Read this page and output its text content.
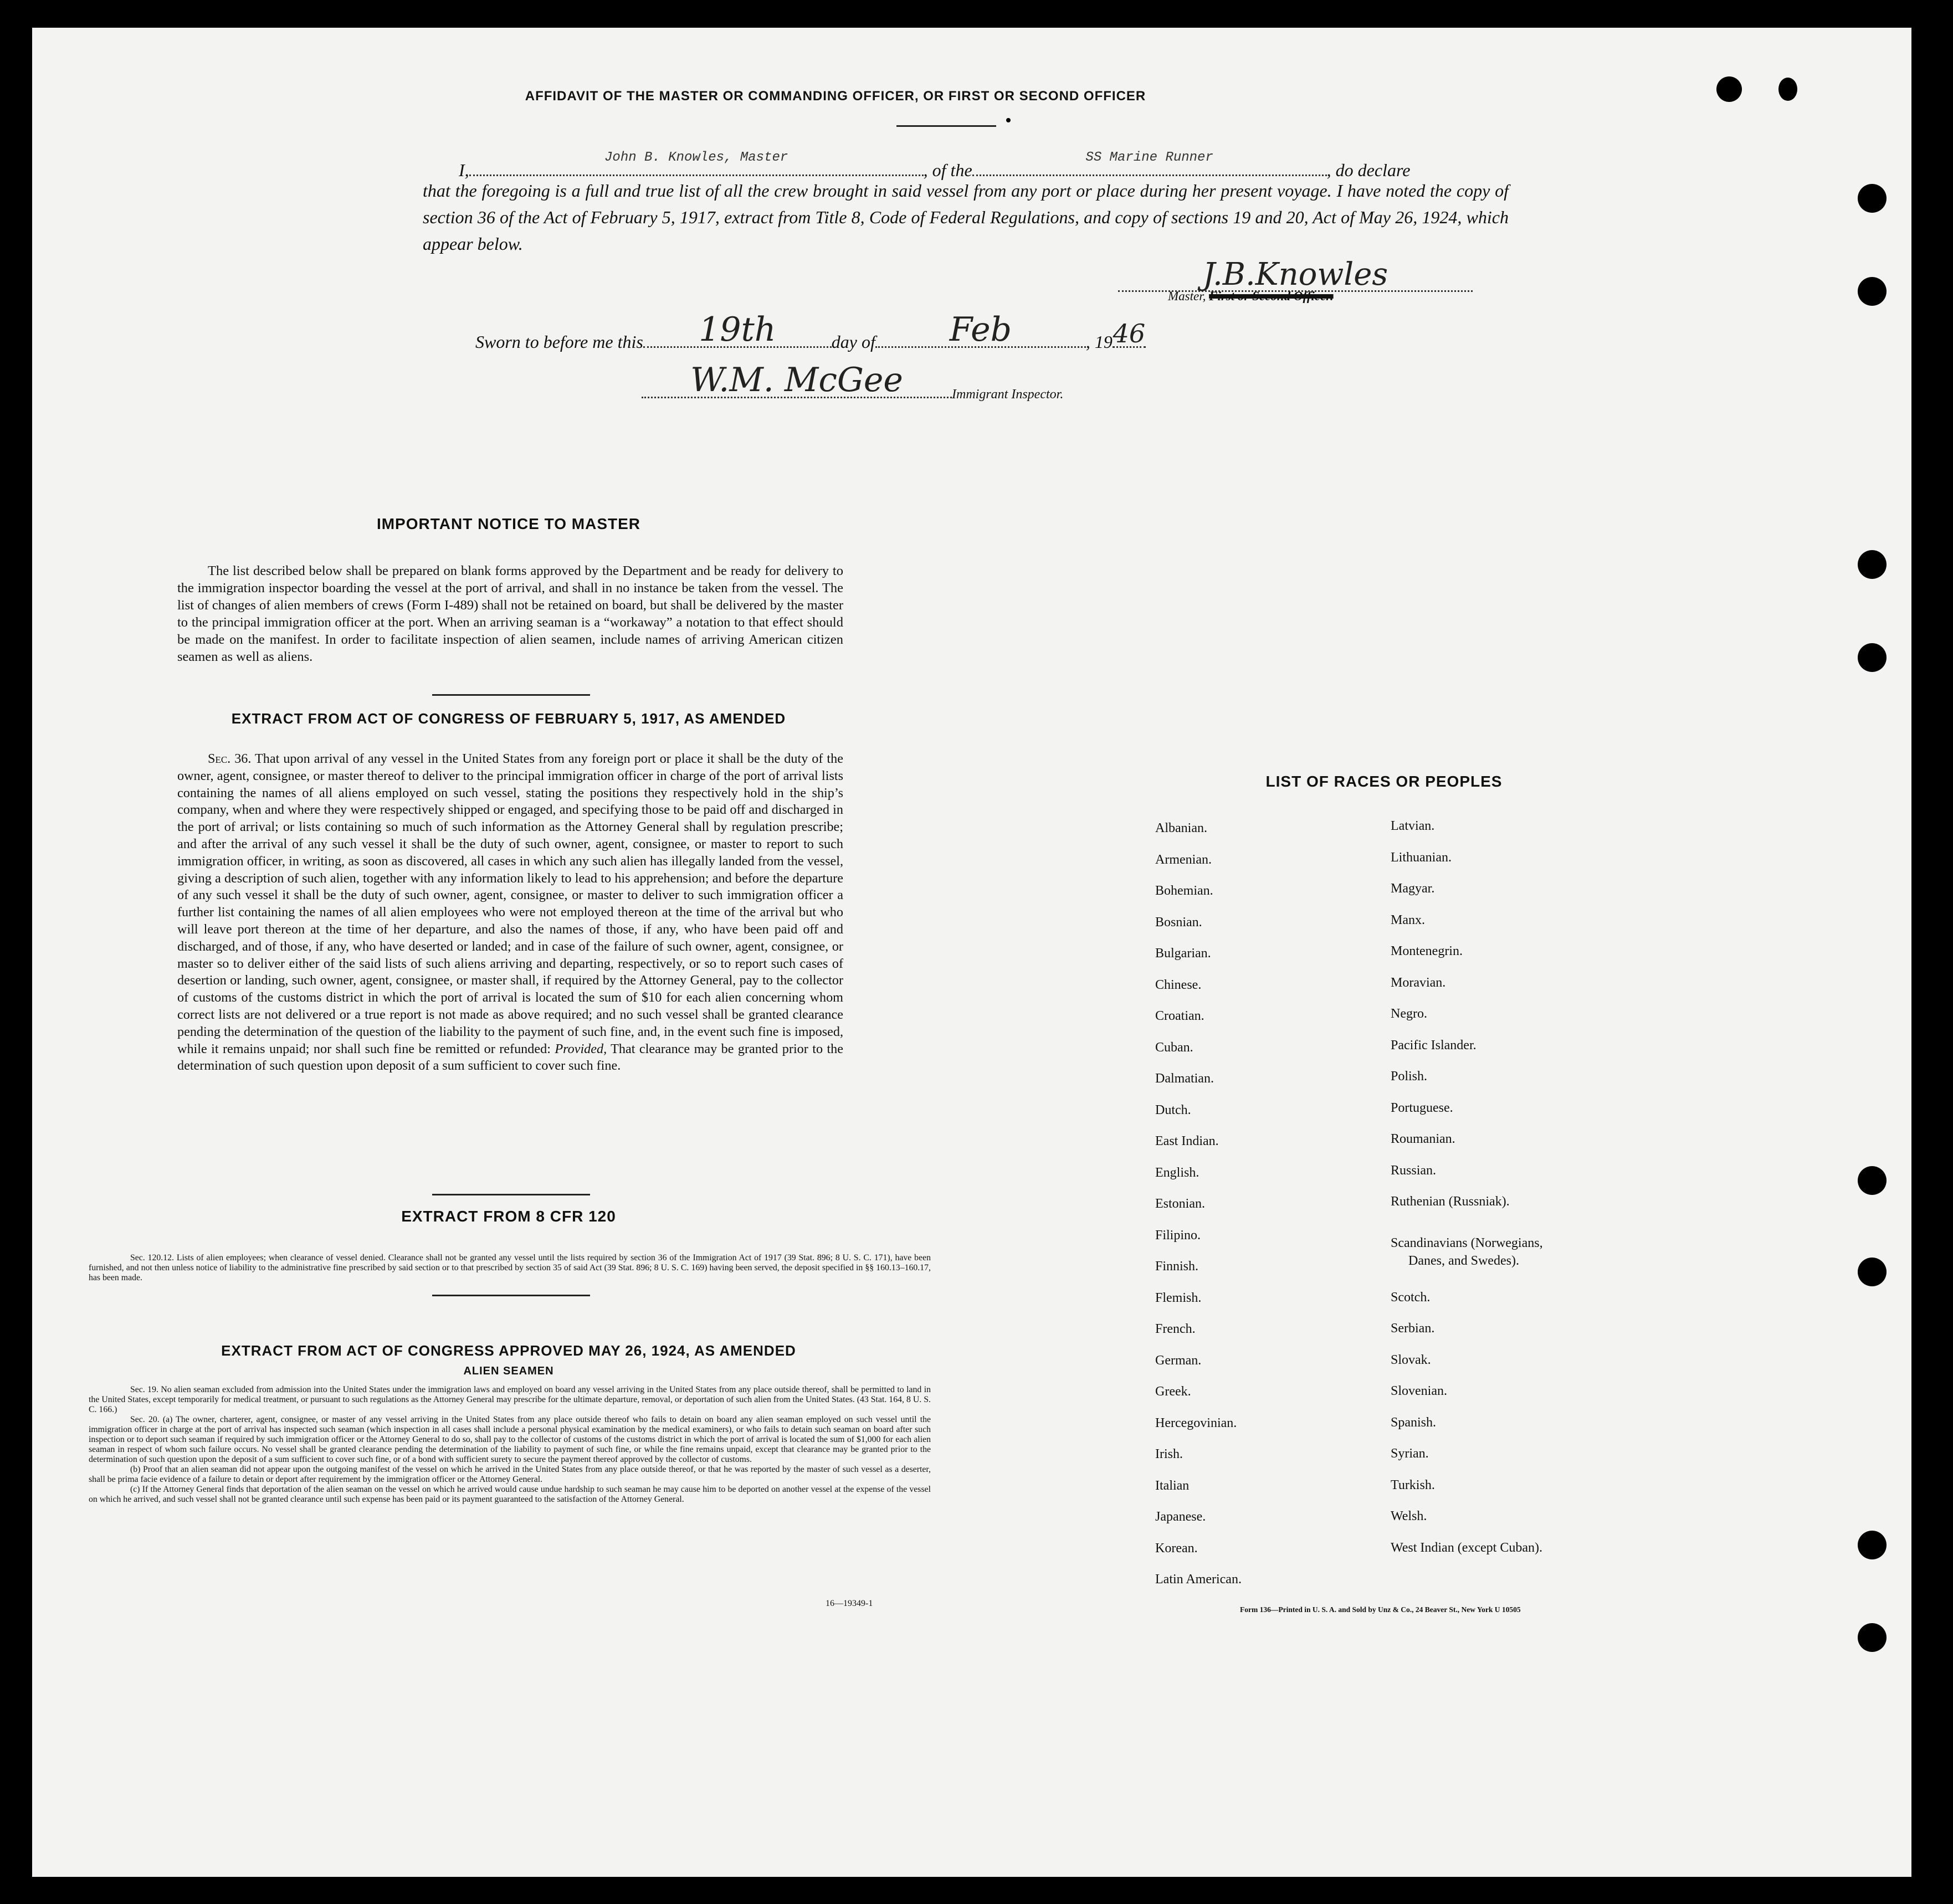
AFFIDAVIT OF THE MASTER OR COMMANDING OFFICER, OR FIRST OR SECOND OFFICER
I,
John B. Knowles, Master
, of the
SS Marine Runner
, do declare
that the foregoing is a full and true list of all the crew brought in said vessel from any port or place during her present voyage. I have noted the copy of section 36 of the Act of February 5, 1917, extract from Title 8, Code of Federal Regulations, and copy of sections 19 and 20, Act of May 26, 1924, which appear below.
J.B.Knowles
Master, First or Second Officer.
Sworn to before me this	19th	day of	Feb	, 19 46
W.M. McGee	Immigrant Inspector.
IMPORTANT NOTICE TO MASTER
The list described below shall be prepared on blank forms approved by the Department and be ready for delivery to the immigration inspector boarding the vessel at the port of arrival, and shall in no instance be taken from the vessel. The list of changes of alien members of crews (Form I-489) shall not be retained on board, but shall be delivered by the master to the principal immigration officer at the port. When an arriving seaman is a “workaway” a notation to that effect should be made on the manifest. In order to facilitate inspection of alien seamen, include names of arriving American citizen seamen as well as aliens.
EXTRACT FROM ACT OF CONGRESS OF FEBRUARY 5, 1917, AS AMENDED
Sec. 36. That upon arrival of any vessel in the United States from any foreign port or place it shall be the duty of the owner, agent, consignee, or master thereof to deliver to the principal immigration officer in charge of the port of arrival lists containing the names of all aliens employed on such vessel, stating the positions they respectively hold in the ship’s company, when and where they were respectively shipped or engaged, and specifying those to be paid off and discharged in the port of arrival; or lists containing so much of such information as the Attorney General shall by regulation prescribe; and after the arrival of any such vessel it shall be the duty of such owner, agent, consignee, or master to report to such immigration officer, in writing, as soon as discovered, all cases in which any such alien has illegally landed from the vessel, giving a description of such alien, together with any information likely to lead to his apprehension; and before the departure of any such vessel it shall be the duty of such owner, agent, consignee, or master to deliver to such immigration officer a further list containing the names of all alien employees who were not employed thereon at the time of the arrival but who will leave port thereon at the time of her departure, and also the names of those, if any, who have been paid off and discharged, and of those, if any, who have deserted or landed; and in case of the failure of such owner, agent, consignee, or master so to deliver either of the said lists of such aliens arriving and departing, respectively, or so to report such cases of desertion or landing, such owner, agent, consignee, or master shall, if required by the Attorney General, pay to the collector of customs of the customs district in which the port of arrival is located the sum of $10 for each alien concerning whom correct lists are not delivered or a true report is not made as above required; and no such vessel shall be granted clearance pending the determination of the question of the liability to the payment of such fine, and, in the event such fine is imposed, while it remains unpaid; nor shall such fine be remitted or refunded: Provided, That clearance may be granted prior to the determination of such question upon deposit of a sum sufficient to cover such fine.
EXTRACT FROM 8 CFR 120
Sec. 120.12. Lists of alien employees; when clearance of vessel denied. Clearance shall not be granted any vessel until the lists required by section 36 of the Immigration Act of 1917 (39 Stat. 896; 8 U. S. C. 171), have been furnished, and not then unless notice of liability to the administrative fine prescribed by said section or to that prescribed by section 35 of said Act (39 Stat. 896; 8 U. S. C. 169) having been served, the deposit specified in §§ 160.13–160.17, has been made.
EXTRACT FROM ACT OF CONGRESS APPROVED MAY 26, 1924, AS AMENDED
ALIEN SEAMEN
Sec. 19. No alien seaman excluded from admission into the United States under the immigration laws and employed on board any vessel arriving in the United States from any place outside thereof, shall be permitted to land in the United States, except temporarily for medical treatment, or pursuant to such regulations as the Attorney General may prescribe for the ultimate departure, removal, or deportation of such alien from the United States. (43 Stat. 164, 8 U. S. C. 166.)
Sec. 20. (a) The owner, charterer, agent, consignee, or master of any vessel arriving in the United States from any place outside thereof who fails to detain on board any alien seaman employed on such vessel until the immigration officer in charge at the port of arrival has inspected such seaman (which inspection in all cases shall include a personal physical examination by the medical examiners), or who fails to detain such seaman on board after such inspection or to deport such seaman if required by such immigration officer or the Attorney General to do so, shall pay to the collector of customs of the customs district in which the port of arrival is located the sum of $1,000 for each alien seaman in respect of whom such failure occurs. No vessel shall be granted clearance pending the determination of the liability to payment of such fine, or while the fine remains unpaid, except that clearance may be granted prior to the determination of such question upon the deposit of a sum sufficient to cover such fine, or of a bond with sufficient surety to secure the payment thereof approved by the collector of customs.
(b) Proof that an alien seaman did not appear upon the outgoing manifest of the vessel on which he arrived in the United States from any place outside thereof, or that he was reported by the master of such vessel as a deserter, shall be prima facie evidence of a failure to detain or deport after requirement by the immigration officer or the Attorney General.
(c) If the Attorney General finds that deportation of the alien seaman on the vessel on which he arrived would cause undue hardship to such seaman he may cause him to be deported on another vessel at the expense of the vessel on which he arrived, and such vessel shall not be granted clearance until such expense has been paid or its payment guaranteed to the satisfaction of the Attorney General.
16—19349-1
LIST OF RACES OR PEOPLES
Albanian.
Armenian.
Bohemian.
Bosnian.
Bulgarian.
Chinese.
Croatian.
Cuban.
Dalmatian.
Dutch.
East Indian.
English.
Estonian.
Filipino.
Finnish.
Flemish.
French.
German.
Greek.
Hercegovinian.
Irish.
Italian
Japanese.
Korean.
Latin American.
Latvian.
Lithuanian.
Magyar.
Manx.
Montenegrin.
Moravian.
Negro.
Pacific Islander.
Polish.
Portuguese.
Roumanian.
Russian.
Ruthenian (Russniak).
Scandinavians (Norwegians,
Danes, and Swedes).
Scotch.
Serbian.
Slovak.
Slovenian.
Spanish.
Syrian.
Turkish.
Welsh.
West Indian (except Cuban).
Form 136—Printed in U. S. A. and Sold by Unz & Co., 24 Beaver St., New York U 10505
